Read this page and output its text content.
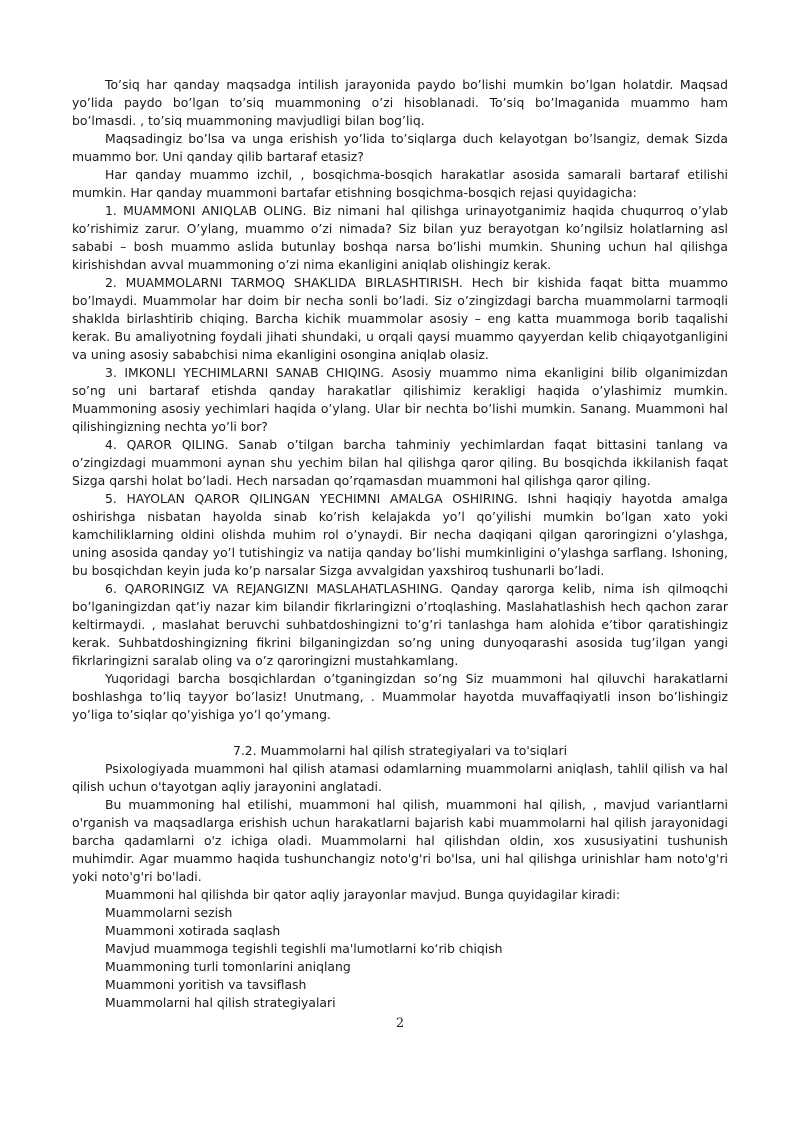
To’siq har qanday maqsadga intilish jarayonida paydo bo’lishi mumkin bo’lgan holatdir. Maqsad yo’lida paydo bo’lgan to’siq muammoning o’zi hisoblanadi. To’siq bo’lmaganida muammo ham bo’lmasdi. , to’siq muammoning mavjudligi bilan bog’liq.

Maqsadingiz bo’lsa va unga erishish yo’lida to’siqlarga duch kelayotgan bo’lsangiz, demak Sizda muammo bor. Uni qanday qilib bartaraf etasiz?

Har qanday muammo izchil, , bosqichma-bosqich harakatlar asosida samarali bartaraf etilishi mumkin. Har qanday muammoni bartafar etishning bosqichma-bosqich rejasi quyidagicha:

1. MUAMMONI ANIQLAB OLING. Biz nimani hal qilishga urinayotganimiz haqida chuqurroq o’ylab ko’rishimiz zarur. O’ylang, muammo o’zi nimada? Siz bilan yuz berayotgan ko’ngilsiz holatlarning asl sababi – bosh muammo aslida butunlay boshqa narsa bo’lishi mumkin. Shuning uchun hal qilishga kirishishdan avval muammoning o’zi nima ekanligini aniqlab olishingiz kerak.

2. MUAMMOLARNI TARMOQ SHAKLIDA BIRLASHTIRISH. Hech bir kishida faqat bitta muammo bo’lmaydi. Muammolar har doim bir necha sonli bo’ladi. Siz o’zingizdagi barcha muammolarni tarmoqli shaklda birlashtirib chiqing. Barcha kichik muammolar asosiy – eng katta muammoga borib taqalishi kerak. Bu amaliyotning foydali jihati shundaki, u orqali qaysi muammo qayyerdan kelib chiqayotganligini va uning asosiy sababchisi nima ekanligini osongina aniqlab olasiz.

3. IMKONLI YECHIMLARNI SANAB CHIQING. Asosiy muammo nima ekanligini bilib olganimizdan so’ng uni bartaraf etishda qanday harakatlar qilishimiz kerakligi haqida o’ylashimiz mumkin. Muammoning asosiy yechimlari haqida o’ylang. Ular bir nechta bo’lishi mumkin. Sanang. Muammoni hal qilishingizning nechta yo’li bor?

4. QAROR QILING. Sanab o’tilgan barcha tahminiy yechimlardan faqat bittasini tanlang va o’zingizdagi muammoni aynan shu yechim bilan hal qilishga qaror qiling. Bu bosqichda ikkilanish faqat Sizga qarshi holat bo’ladi. Hech narsadan qo’rqamasdan muammoni hal qilishga qaror qiling.

5. HAYOLAN QAROR QILINGAN YECHIMNI AMALGA OSHIRING. Ishni haqiqiy hayotda amalga oshirishga nisbatan hayolda sinab ko’rish kelajakda yo’l qo’yilishi mumkin bo’lgan xato yoki kamchiliklarning oldini olishda muhim rol o’ynaydi. Bir necha daqiqani qilgan qaroringizni o’ylashga, uning asosida qanday yo’l tutishingiz va natija qanday bo’lishi mumkinligini o’ylashga sarflang. Ishoning, bu bosqichdan keyin juda ko’p narsalar Sizga avvalgidan yaxshiroq tushunarli bo’ladi.

6. QARORINGIZ VA REJANGIZNI MASLAHATLASHING. Qanday qarorga kelib, nima ish qilmoqchi bo’lganingizdan qat’iy nazar kim bilandir fikrlaringizni o’rtoqlashing. Maslahatlashish hech qachon zarar keltirmaydi. , maslahat beruvchi suhbatdoshingizni to’g’ri tanlashga ham alohida e’tibor qaratishingiz kerak. Suhbatdoshingizning fikrini bilganingizdan so’ng uning dunyoqarashi asosida tug’ilgan yangi fikrlaringizni saralab oling va o’z qaroringizni mustahkamlang.

Yuqoridagi barcha bosqichlardan o’tganingizdan so’ng Siz muammoni hal qiluvchi harakatlarni boshlashga to’liq tayyor bo’lasiz! Unutmang, . Muammolar hayotda muvaffaqiyatli inson bo’lishingiz yo’liga to’siqlar qo’yishiga yo’l qo’ymang.

7.2. Muammolarni hal qilish strategiyalari va to'siqlari

Psixologiyada muammoni hal qilish atamasi odamlarning muammolarni aniqlash, tahlil qilish va hal qilish uchun o'tayotgan aqliy jarayonini anglatadi.

Bu muammoning hal etilishi, muammoni hal qilish, muammoni hal qilish, , mavjud variantlarni o'rganish va maqsadlarga erishish uchun harakatlarni bajarish kabi muammolarni hal qilish jarayonidagi barcha qadamlarni o'z ichiga oladi. Muammolarni hal qilishdan oldin, xos xususiyatini tushunish muhimdir. Agar muammo haqida tushunchangiz noto'g'ri bo'lsa, uni hal qilishga urinishlar ham noto'g'ri yoki noto'g'ri bo'ladi.

Muammoni hal qilishda bir qator aqliy jarayonlar mavjud. Bunga quyidagilar kiradi:

Muammolarni sezish
Muammoni xotirada saqlash
Mavjud muammoga tegishli tegishli ma'lumotlarni ko‘rib chiqish
Muammoning turli tomonlarini aniqlang
Muammoni yoritish va tavsiflash
Muammolarni hal qilish strategiyalari
2
